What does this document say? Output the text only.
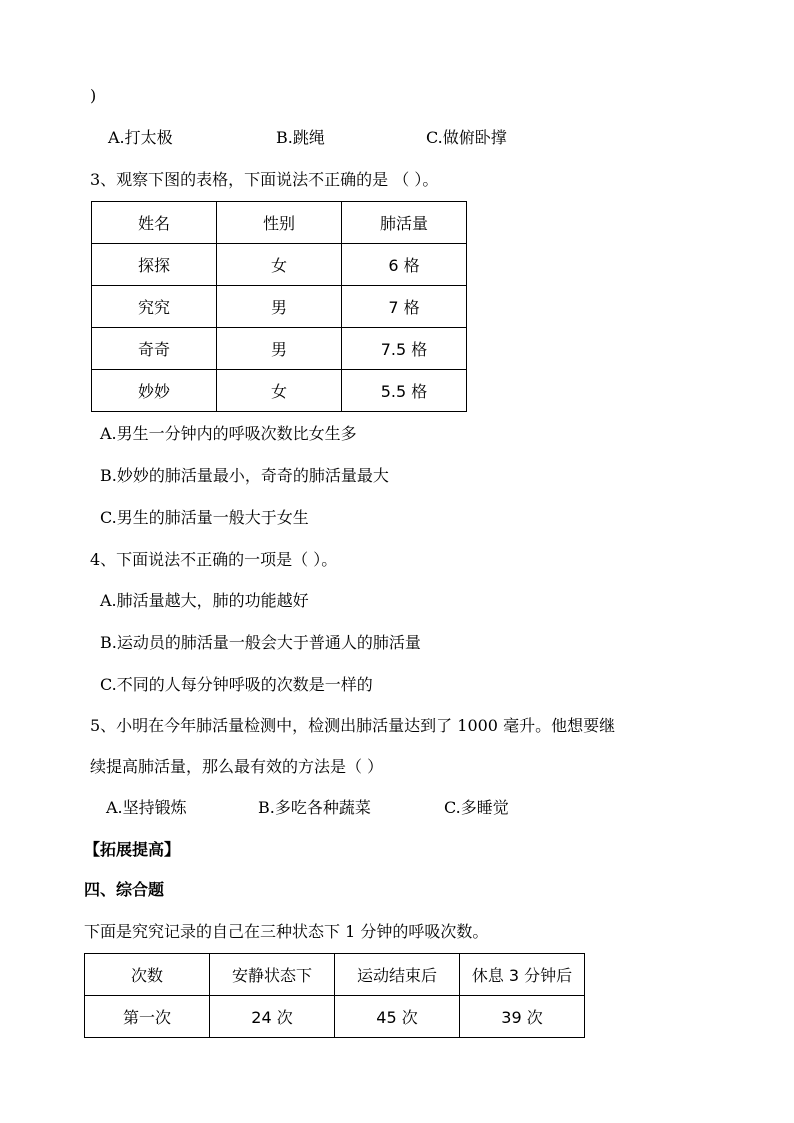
)
A.打太极	B.跳绳	C.做俯卧撑
3、观察下图的表格，下面说法不正确的是 （ ）。
姓名	性别	肺活量
探探	女	6 格
究究	男	7 格
奇奇	男	7.5 格
妙妙	女	5.5 格
A.男生一分钟内的呼吸次数比女生多
B.妙妙的肺活量最小，奇奇的肺活量最大
C.男生的肺活量一般大于女生
4、下面说法不正确的一项是（ ）。
A.肺活量越大，肺的功能越好
B.运动员的肺活量一般会大于普通人的肺活量
C.不同的人每分钟呼吸的次数是一样的
5、小明在今年肺活量检测中，检测出肺活量达到了 1000 毫升。他想要继
续提高肺活量，那么最有效的方法是（ ）
A.坚持锻炼	B.多吃各种蔬菜	C.多睡觉
【拓展提高】
四、综合题
下面是究究记录的自己在三种状态下 1 分钟的呼吸次数。
次数	安静状态下	运动结束后	休息 3 分钟后
第一次	24 次	45 次	39 次
